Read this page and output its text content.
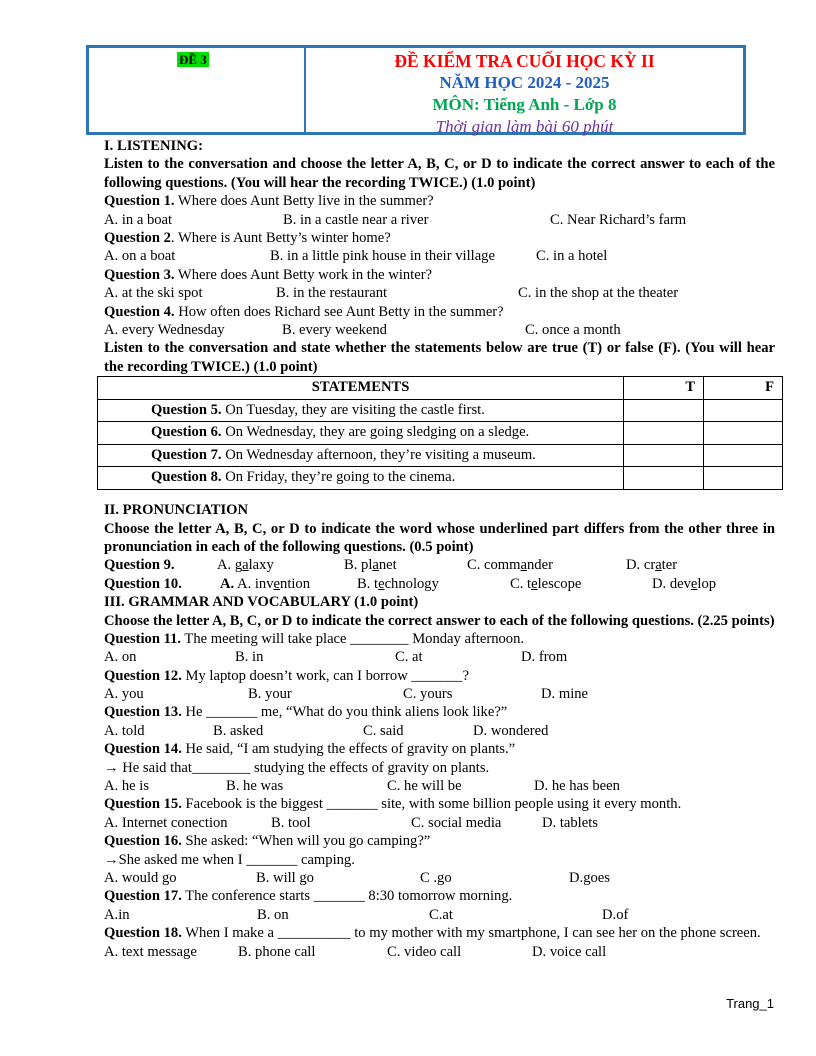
ĐỀ 3	ĐỀ KIỂM TRA CUỐI HỌC KỲ II
NĂM HỌC 2024 - 2025
MÔN: Tiếng Anh - Lớp 8
Thời gian làm bài 60 phút
I. LISTENING:
Listen to the conversation and choose the letter A, B, C, or D to indicate the correct answer to each of the following questions. (You will hear the recording TWICE.) (1.0 point)
Question 1. Where does Aunt Betty live in the summer?
A. in a boat	B. in a castle near a river	C. Near Richard’s farm
Question 2. Where is Aunt Betty’s winter home?
A. on a boat	B. in a little pink house in their village	C. in a hotel
Question 3. Where does Aunt Betty work in the winter?
A. at the ski spot	B. in the restaurant	C. in the shop at the theater
Question 4. How often does Richard see Aunt Betty in the summer?
A. every Wednesday	B. every weekend	C. once a month
Listen to the conversation and state whether the statements below are true (T) or false (F). (You will hear the recording TWICE.) (1.0 point)
II. PRONUNCIATION
Choose the letter A, B, C, or D to indicate the word whose underlined part differs from the other three in pronunciation in each of the following questions. (0.5 point)
Question 9.	A. galaxy	B. planet	C. commander	D. crater
Question 10.	A. A. invention	B. technology	C. telescope	D. develop
III. GRAMMAR AND VOCABULARY (1.0 point)
Choose the letter A, B, C, or D to indicate the correct answer to each of the following questions. (2.25 points)
Question 11. The meeting will take place ________ Monday afternoon.
A. on	B. in	C. at	D. from
Question 12. My laptop doesn’t work, can I borrow _______?
A. you	B. your	C. yours	D. mine
Question 13. He _______ me, “What do you think aliens look like?”
A. told	B. asked	C. said	D. wondered
Question 14. He said, “I am studying the effects of gravity on plants.”
→ He said that________ studying the effects of gravity on plants.
A. he is	B. he was	C. he will be	D. he has been
Question 15. Facebook is the biggest _______ site, with some billion people using it every month.
A. Internet conection	B. tool	C. social media	D. tablets
Question 16. She asked: “When will you go camping?”
→She asked me when I _______ camping.
A. would go	B. will go	C .go	D.goes
Question 17. The conference starts _______ 8:30 tomorrow morning.
A.in	B. on	C.at	D.of
Question 18. When I make a __________ to my mother with my smartphone, I can see her on the phone screen.
A. text message	B. phone call	C. video call	D. voice call
STATEMENTS	T	F
Question 5. On Tuesday, they are visiting the castle first.		
Question 6. On Wednesday, they are going sledging on a sledge.		
Question 7. On Wednesday afternoon, they’re visiting a museum.		
Question 8. On Friday, they’re going to the cinema.		
Trang_1
